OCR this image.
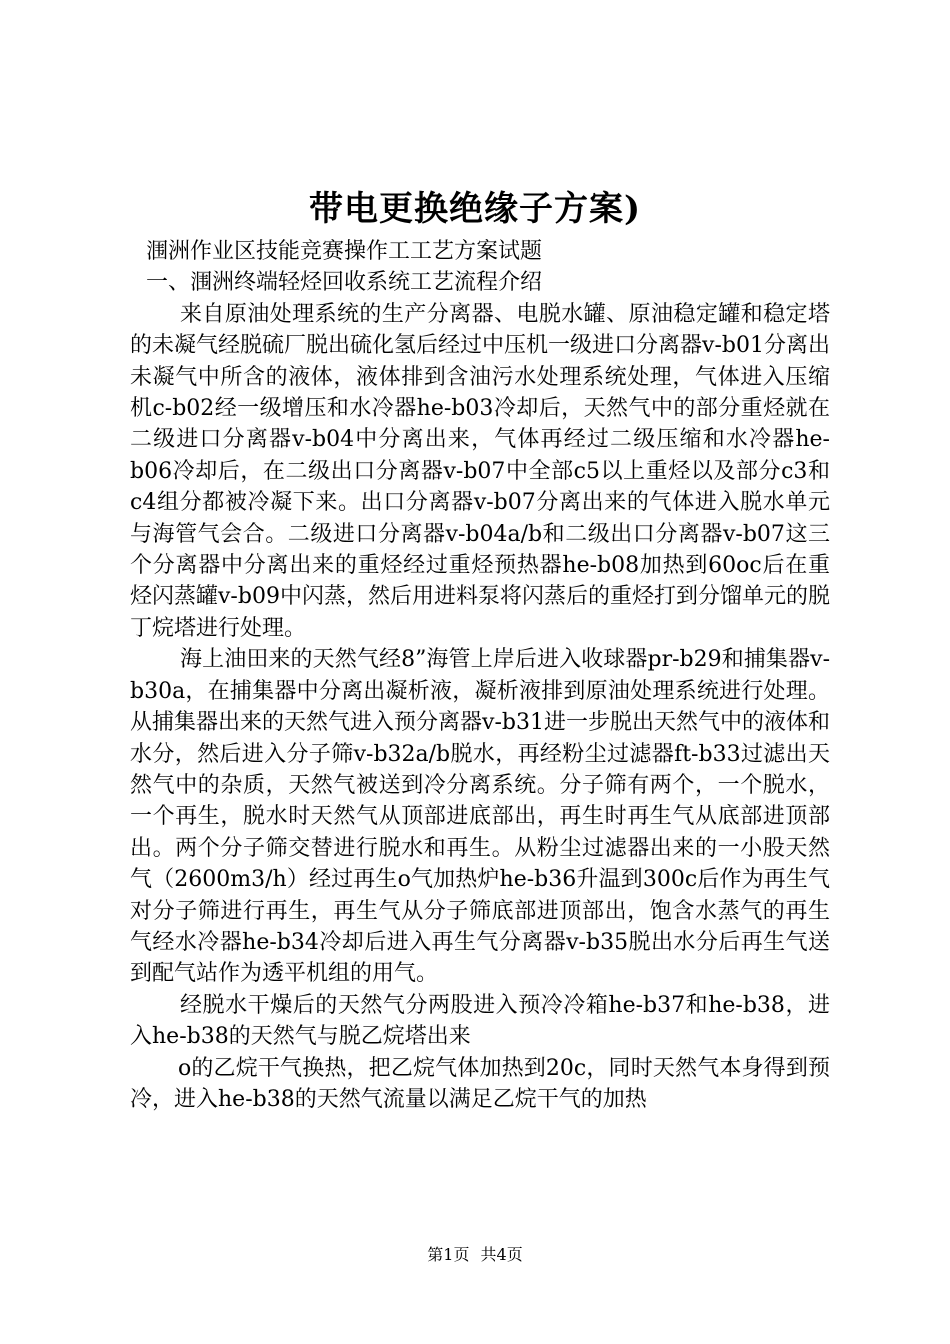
带电更换绝缘子方案)

涠洲作业区技能竞赛操作工工艺方案试题

一、涠洲终端轻烃回收系统工艺流程介绍

来自原油处理系统的生产分离器、电脱水罐、原油稳定罐和稳定塔的未凝气经脱硫厂脱出硫化氢后经过中压机一级进口分离器v-b01分离出未凝气中所含的液体，液体排到含油污水处理系统处理，气体进入压缩机c-b02经一级增压和水冷器he-b03冷却后，天然气中的部分重烃就在二级进口分离器v-b04中分离出来，气体再经过二级压缩和水冷器he-b06冷却后，在二级出口分离器v-b07中全部c5以上重烃以及部分c3和c4组分都被冷凝下来。出口分离器v-b07分离出来的气体进入脱水单元与海管气会合。二级进口分离器v-b04a/b和二级出口分离器v-b07这三个分离器中分离出来的重烃经过重烃预热器he-b08加热到60oc后在重烃闪蒸罐v-b09中闪蒸，然后用进料泵将闪蒸后的重烃打到分馏单元的脱丁烷塔进行处理。

海上油田来的天然气经8”海管上岸后进入收球器pr-b29和捕集器v-b30a，在捕集器中分离出凝析液，凝析液排到原油处理系统进行处理。从捕集器出来的天然气进入预分离器v-b31进一步脱出天然气中的液体和水分，然后进入分子筛v-b32a/b脱水，再经粉尘过滤器ft-b33过滤出天然气中的杂质，天然气被送到冷分离系统。分子筛有两个，一个脱水，一个再生，脱水时天然气从顶部进底部出，再生时再生气从底部进顶部出。两个分子筛交替进行脱水和再生。从粉尘过滤器出来的一小股天然气（2600m3/h）经过再生o气加热炉he-b36升温到300c后作为再生气对分子筛进行再生，再生气从分子筛底部进顶部出，饱含水蒸气的再生气经水冷器he-b34冷却后进入再生气分离器v-b35脱出水分后再生气送到配气站作为透平机组的用气。

经脱水干燥后的天然气分两股进入预冷冷箱he-b37和he-b38，进入he-b38的天然气与脱乙烷塔出来

o的乙烷干气换热，把乙烷气体加热到20c，同时天然气本身得到预冷，进入he-b38的天然气流量以满足乙烷干气的加热

第1页 共4页
